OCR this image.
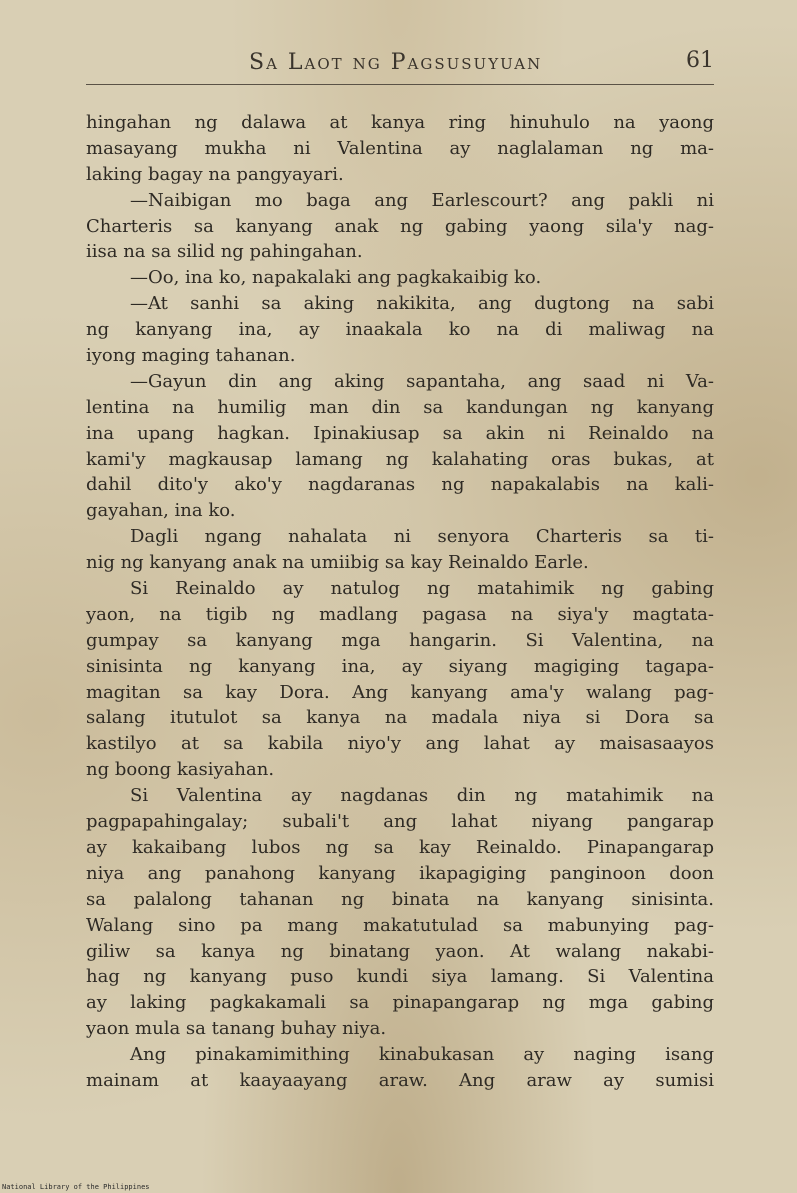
Sa Laot ng Pagsusuyuan	61
hingahan ng dalawa at kanya ring hinuhulo na yaong
masayang mukha ni Valentina ay naglalaman ng ma-
laking bagay na pangyayari.
—Naibigan mo baga ang Earlescourt? ang pakli ni
Charteris sa kanyang anak ng gabing yaong sila'y nag-
iisa na sa silid ng pahingahan.
—Oo, ina ko, napakalaki ang pagkakaibig ko.
—At sanhi sa aking nakikita, ang dugtong na sabi
ng kanyang ina, ay inaakala ko na di maliwag na
iyong maging tahanan.
—Gayun din ang aking sapantaha, ang saad ni Va-
lentina na humilig man din sa kandungan ng kanyang
ina upang hagkan. Ipinakiusap sa akin ni Reinaldo na
kami'y magkausap lamang ng kalahating oras bukas, at
dahil dito'y ako'y nagdaranas ng napakalabis na kali-
gayahan, ina ko.
Dagli ngang nahalata ni senyora Charteris sa ti-
nig ng kanyang anak na umiibig sa kay Reinaldo Earle.
Si Reinaldo ay natulog ng matahimik ng gabing
yaon, na tigib ng madlang pagasa na siya'y magtata-
gumpay sa kanyang mga hangarin. Si Valentina, na
sinisinta ng kanyang ina, ay siyang magiging tagapa-
magitan sa kay Dora. Ang kanyang ama'y walang pag-
salang itutulot sa kanya na madala niya si Dora sa
kastilyo at sa kabila niyo'y ang lahat ay maisasaayos
ng boong kasiyahan.
Si Valentina ay nagdanas din ng matahimik na
pagpapahingalay; subali't ang lahat niyang pangarap
ay kakaibang lubos ng sa kay Reinaldo. Pinapangarap
niya ang panahong kanyang ikapagiging panginoon doon
sa palalong tahanan ng binata na kanyang sinisinta.
Walang sino pa mang makatutulad sa mabunying pag-
giliw sa kanya ng binatang yaon. At walang nakabi-
hag ng kanyang puso kundi siya lamang. Si Valentina
ay laking pagkakamali sa pinapangarap ng mga gabing
yaon mula sa tanang buhay niya.
Ang pinakamimithing kinabukasan ay naging isang
mainam at kaayaayang araw. Ang araw ay sumisi
National Library of the Philippines
